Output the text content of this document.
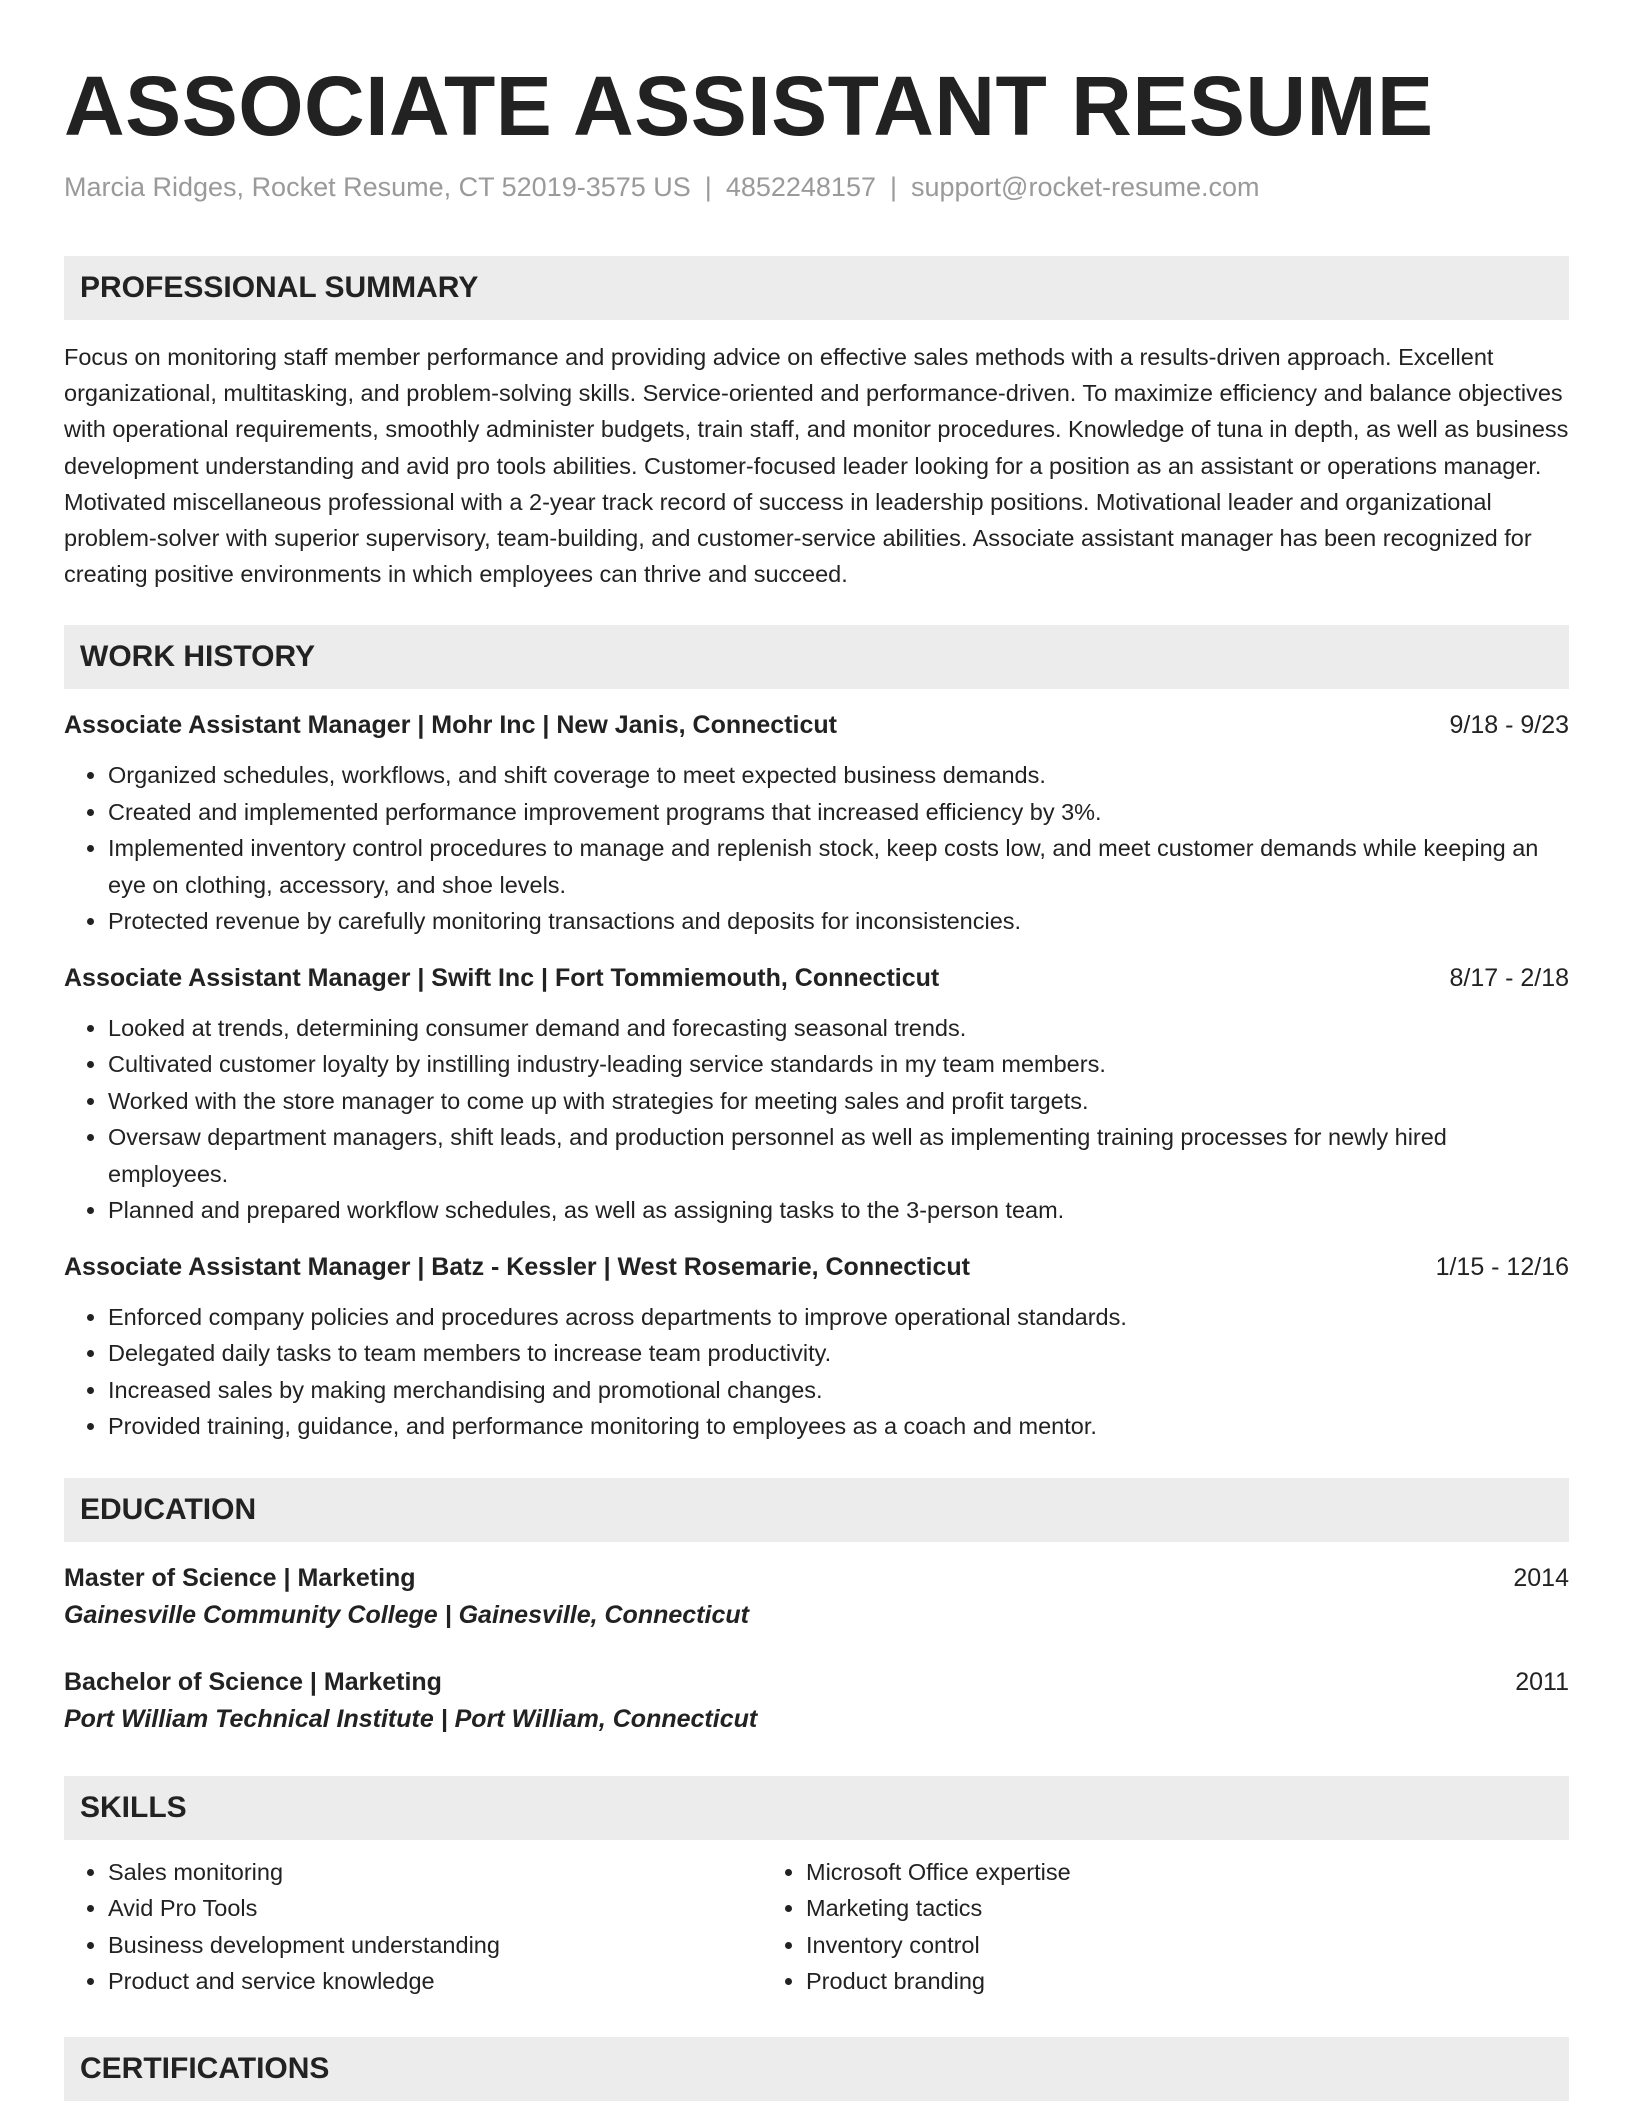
ASSOCIATE ASSISTANT RESUME
Marcia Ridges, Rocket Resume, CT 52019-3575 US | 4852248157 | support@rocket-resume.com
PROFESSIONAL SUMMARY

Focus on monitoring staff member performance and providing advice on effective sales methods with a results-driven approach. Excellent organizational, multitasking, and problem-solving skills. Service-oriented and performance-driven. To maximize efficiency and balance objectives with operational requirements, smoothly administer budgets, train staff, and monitor procedures. Knowledge of tuna in depth, as well as business development understanding and avid pro tools abilities. Customer-focused leader looking for a position as an assistant or operations manager. Motivated miscellaneous professional with a 2-year track record of success in leadership positions. Motivational leader and organizational problem-solver with superior supervisory, team-building, and customer-service abilities. Associate assistant manager has been recognized for creating positive environments in which employees can thrive and succeed.

WORK HISTORY
Associate Assistant Manager | Mohr Inc | New Janis, Connecticut	9/18 - 9/23
• Organized schedules, workflows, and shift coverage to meet expected business demands.
• Created and implemented performance improvement programs that increased efficiency by 3%.
• Implemented inventory control procedures to manage and replenish stock, keep costs low, and meet customer demands while keeping an eye on clothing, accessory, and shoe levels.
• Protected revenue by carefully monitoring transactions and deposits for inconsistencies.
Associate Assistant Manager | Swift Inc | Fort Tommiemouth, Connecticut	8/17 - 2/18
• Looked at trends, determining consumer demand and forecasting seasonal trends.
• Cultivated customer loyalty by instilling industry-leading service standards in my team members.
• Worked with the store manager to come up with strategies for meeting sales and profit targets.
• Oversaw department managers, shift leads, and production personnel as well as implementing training processes for newly hired employees.
• Planned and prepared workflow schedules, as well as assigning tasks to the 3-person team.
Associate Assistant Manager | Batz - Kessler | West Rosemarie, Connecticut	1/15 - 12/16
• Enforced company policies and procedures across departments to improve operational standards.
• Delegated daily tasks to team members to increase team productivity.
• Increased sales by making merchandising and promotional changes.
• Provided training, guidance, and performance monitoring to employees as a coach and mentor.
EDUCATION
Master of Science | Marketing	2014
Gainesville Community College | Gainesville, Connecticut
Bachelor of Science | Marketing	2011
Port William Technical Institute | Port William, Connecticut
SKILLS
• Sales monitoring
• Avid Pro Tools
• Business development understanding
• Product and service knowledge
• Microsoft Office expertise
• Marketing tactics
• Inventory control
• Product branding
CERTIFICATIONS
